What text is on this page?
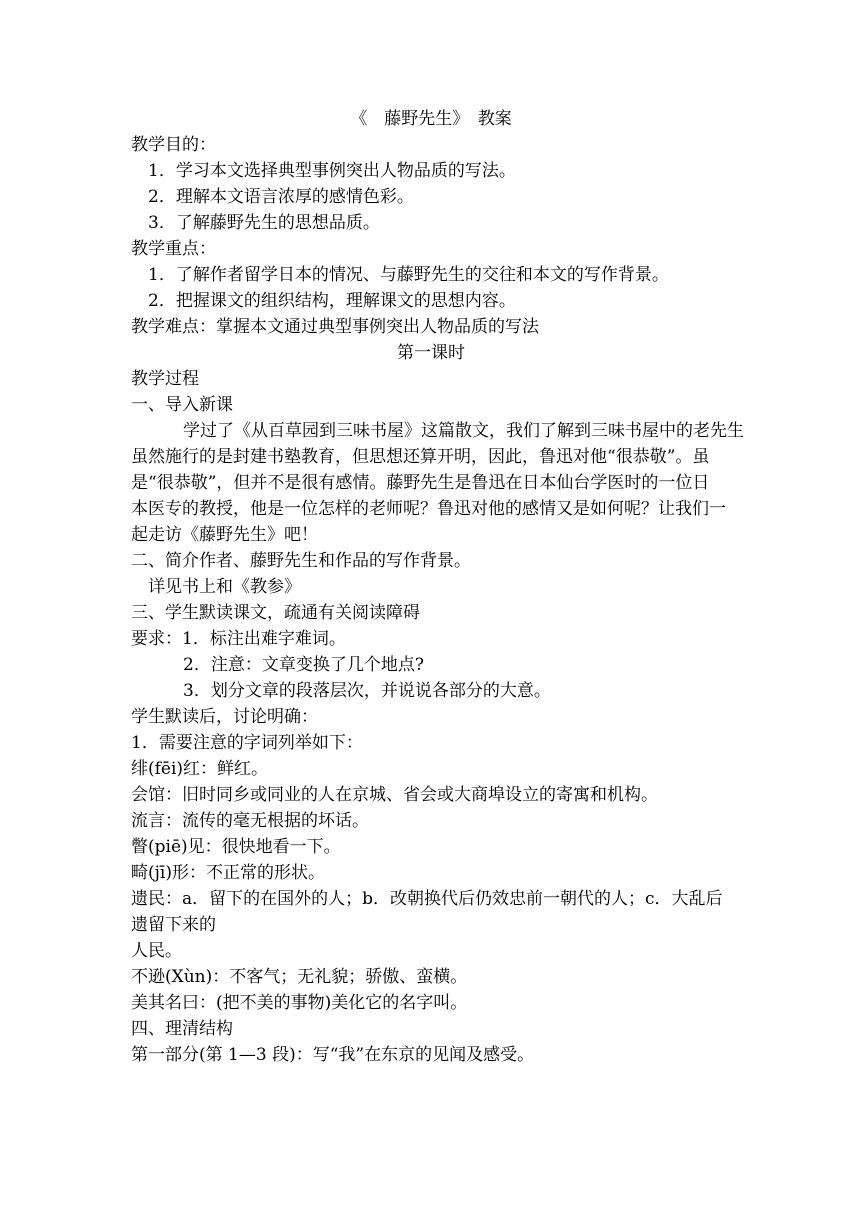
《　藤野先生》　教案

教学目的：

1．学习本文选择典型事例突出人物品质的写法。

2．理解本文语言浓厚的感情色彩。

3．了解藤野先生的思想品质。

教学重点：

1．了解作者留学日本的情况、与藤野先生的交往和本文的写作背景。

2．把握课文的组织结构，理解课文的思想内容。

教学难点：掌握本文通过典型事例突出人物品质的写法

第一课时

教学过程

一、导入新课

学过了《从百草园到三味书屋》这篇散文，我们了解到三味书屋中的老先生

虽然施行的是封建书塾教育，但思想还算开明，因此，鲁迅对他“很恭敬”。虽

是“很恭敬”，但并不是很有感情。藤野先生是鲁迅在日本仙台学医时的一位日

本医专的教授，他是一位怎样的老师呢？鲁迅对他的感情又是如何呢？让我们一

起走访《藤野先生》吧！

二、简介作者、藤野先生和作品的写作背景。

详见书上和《教参》

三、学生默读课文，疏通有关阅读障碍

要求：1．标注出难字难词。

2．注意：文章变换了几个地点?

3．划分文章的段落层次，并说说各部分的大意。

学生默读后，讨论明确：

1．需要注意的字词列举如下：

绯(fēi)红：鲜红。

会馆：旧时同乡或同业的人在京城、省会或大商埠设立的寄寓和机构。

流言：流传的毫无根据的坏话。

瞥(piē)见：很快地看一下。

畸(jī)形：不正常的形状。

遗民：a．留下的在国外的人；b．改朝换代后仍效忠前一朝代的人；c．大乱后

遗留下来的

人民。

不逊(Xùn)：不客气；无礼貌；骄傲、蛮横。

美其名曰：(把不美的事物)美化它的名字叫。

四、理清结构

第一部分(第 1—3 段)：写“我”在东京的见闻及感受。
